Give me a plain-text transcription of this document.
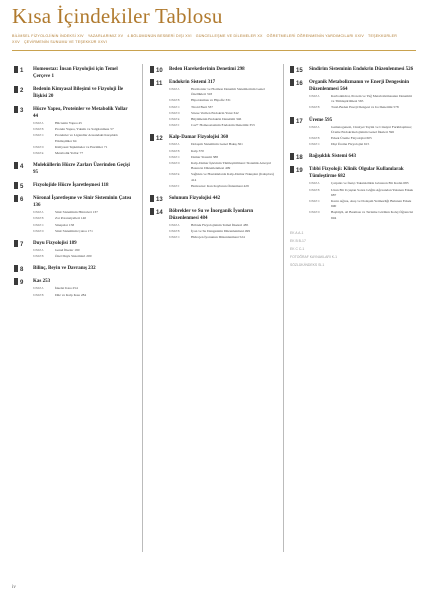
Kısa İçindekiler Tablosu
BİLİMSEL FİZYOLOJİNİN İNDEKSİ XIV YAZARLARIMIZ XV 4.BÖLÜMÜNÜN BESBERİ DIŞI XVI GÜNCELLEŞME VE DİLEMELER XX ÖĞRETMELERİ ÖĞRENMENİN YARDIMCILARI XXIV TEŞEKKÜRLER XXV ÇEVİRMENİN SUNUMU VE TEŞEKKÜR XXVI
1	Homeostaz: İnsan Fizyolojisi için Temel Çerçeve 1
2	Bedenin Kimyasal Bileşimi ve Fizyoloji İle İlişkisi 20
3	Hücre Yapısı, Proteinler ve Metabolik Yollar 44
KISIM A	Hücrenin Yapısı 45
KISIM B	Protein Yapısı, Yıkımı ve Salgılanması 57
KISIM C	Proteinler ve Ligandlar Arasındaki Karşılıklı Etkileşimler 64
KISIM D	Kimyasal Tepkimeler ve Enzimler 71
KISIM E	Metabolik Yollar 77
4	Moleküllerin Hücre Zarları Üzerinden Geçişi 95
5	Fizyolojide Hücre İşaretleşmesi 118
6	Nöronal İşaretleşme ve Sinir Sisteminin Çatısı 136
KISIM A	Sinir Sisteminin Hücreleri 137
KISIM B	Zar Potansiyelleri 140
KISIM C	Sinapslar 158
KISIM D	Sinir Sisteminin Çatısı 171
7	Duyu Fizyolojisi 189
KISIM A	Genel İlkeler 190
KISIM B	Özel Duyu Sistemleri 200
8	Bilinç, Beyin ve Davranış 232
9	Kas 253
KISIM A	İskelet Kası 254
KISIM B	Düz ve Kalp Kası 284
10 Beden Hareketlerinin Denetimi 298
11	Endokrin Sistemi 317
KISIM A	Hormonlar ve Hormon Denetim Sistemlerinin Genel Özellikleri 318
KISIM B	Hipotalamus ve Hipofiz 331
KISIM C	Tiroid Bezi 337
KISIM D	Strese Verilen Endokrin Yanıt 342
KISIM E	Büyümenin Endokrin Denetimi 346
KISIM F	Ca2+ Homeostazinin Endokrin Denetimi 353
12 Kalp-Damar Fizyolojisi 360
KISIM A	Dolaşım Sisteminin Genel Bakış 361
KISIM B	Kalp 370
KISIM C	Damar Sistemi 388
KISIM D	Kalp-Damar İşlevinin Tümleştirilmesi: Sistemik Arteryel Basıncın Düzenlenmesi 409
KISIM E	Sağlıkta ve Hastalıklarda Kalp-Damar Nakışları (Kalıpları) 414
KISIM F	Hemostaz: Kan Kaybının Önlenmesi 429
13 Solunum Fizyolojisi 442
14 Böbrekler ve Su ve İnorganik İyonların Düzenlenmesi 484
KISIM A	Böbrek Fizyolojisinin Temel İlkeleri 485
KISIM B	İyon ve Su Dengesinin Düzenlenmesi 499
KISIM C	Hidrojen İyonunun Düzenlenmesi 524
15 Sindirim Sisteminin Endokrin Düzenlenmesi 526
16 Organik Metabolizmanın ve Enerji Dengesinin Düzenlenmesi 564
KISIM A	Karbonhidrat, Protein ve Yağ Metabolizmasının Denetimi ve Tümleştirilmesi 565
KISIM B	Total-Beden Enerji Dengesi ve Isı Denetimi 578
17 Üreme 595
KISIM A	Gametogenezi, Cinsiyet Tayini ve Cinsiyet Farklılaşması; Üreme Endokrinolojisinin Genel İlkeleri 596
KISIM B	Erkek Üreme Fizyolojisi 605
KISIM C	Dişi Üreme Fizyolojisi 615
18 Bağışıklık Sistemi 643
19 Tıbbi Fizyoloji: Klinik Olgular Kullanılarak Tümleştirme 682
KISIM A	Çarpıntı ve İnatçı Takatsizlikle Gösteren Bir Kadın 683
KISIM B	Uzun Bir Uçuştan Sonra Göğüs Ağrısından Yakınan Erkek 687
KISIM C	Karın Ağrısı, Ateş ve Dolaşım Yetmezliği Bulunan Erkek 690
KISIM D	Başbüyü, Al Basması ve Terleme Görülen Kolej Öğrencisi 694
EK A A-1
EK B B-17
EK C C-1
FOTOĞRAF KAYNAKLARI K-1
SÖZLÜK/İNDEKS SI-1
iv
